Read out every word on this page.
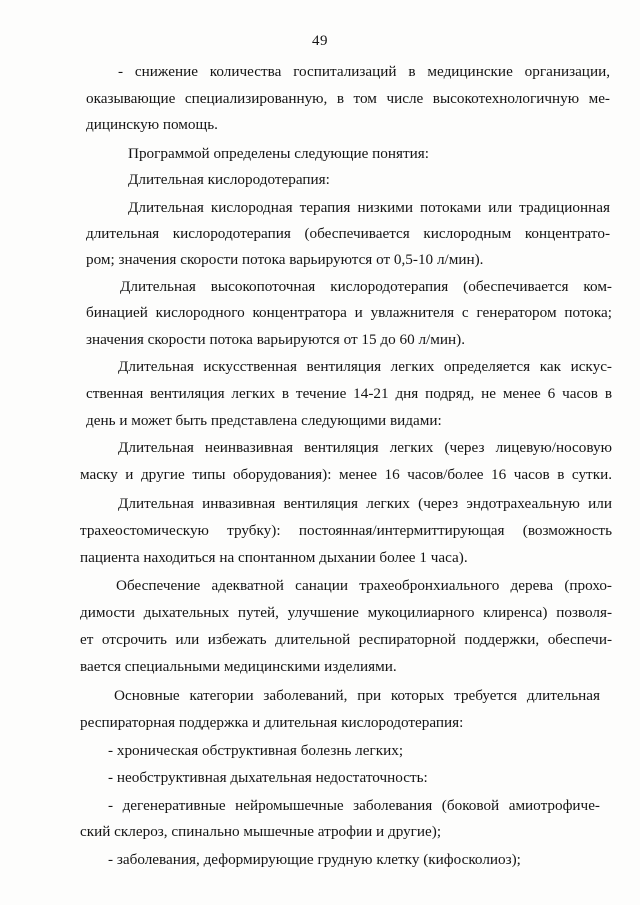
49
- снижение количества госпитализаций в медицинские организации,
оказывающие специализированную, в том числе высокотехнологичную ме-
дицинскую помощь.
Программой определены следующие понятия:
Длительная кислородотерапия:
Длительная кислородная терапия низкими потоками или традиционная
длительная кислородотерапия (обеспечивается кислородным концентрато-
ром; значения скорости потока варьируются от 0,5-10 л/мин).
Длительная высокопоточная кислородотерапия (обеспечивается ком-
бинацией кислородного концентратора и увлажнителя с генератором потока;
значения скорости потока варьируются от 15 до 60 л/мин).
Длительная искусственная вентиляция легких определяется как искус-
ственная вентиляция легких в течение 14-21 дня подряд, не менее 6 часов в
день и может быть представлена следующими видами:
Длительная неинвазивная вентиляция легких (через лицевую/носовую
маску и другие типы оборудования): менее 16 часов/более 16 часов в сутки.
Длительная инвазивная вентиляция легких (через эндотрахеальную или
трахеостомическую трубку): постоянная/интермиттирующая (возможность
пациента находиться на спонтанном дыхании более 1 часа).
Обеспечение адекватной санации трахеобронхиального дерева (прохо-
димости дыхательных путей, улучшение мукоцилиарного клиренса) позволя-
ет отсрочить или избежать длительной респираторной поддержки, обеспечи-
вается специальными медицинскими изделиями.
Основные категории заболеваний, при которых требуется длительная
респираторная поддержка и длительная кислородотерапия:
- хроническая обструктивная болезнь легких;
- необструктивная дыхательная недостаточность:
- дегенеративные нейромышечные заболевания (боковой амиотрофиче-
ский склероз, спинально мышечные атрофии и другие);
- заболевания, деформирующие грудную клетку (кифосколиоз);
